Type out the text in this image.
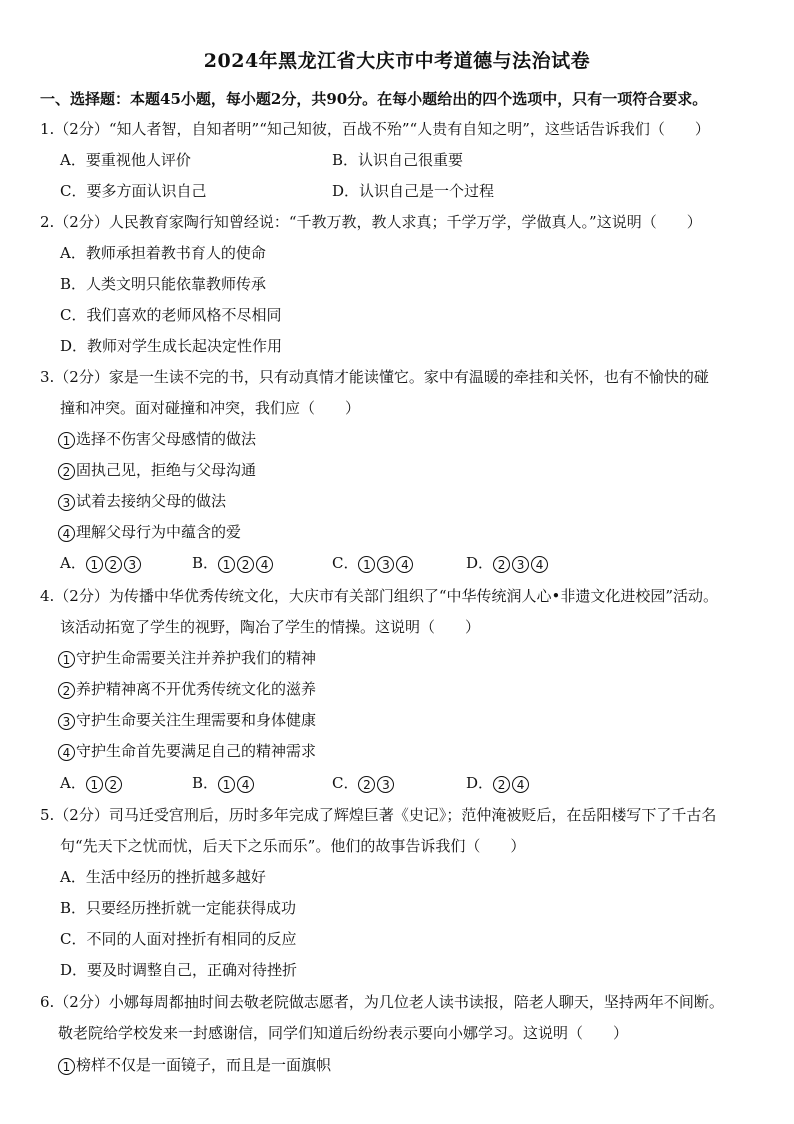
2024年黑龙江省大庆市中考道德与法治试卷
一、选择题：本题45小题，每小题2分，共90分。在每小题给出的四个选项中，只有一项符合要求。
1.（2分）“知人者智，自知者明”“知己知彼，百战不殆”“人贵有自知之明”，这些话告诉我们（　　）
A．要重视他人评价	B．认识自己很重要
C．要多方面认识自己	D．认识自己是一个过程
2.（2分）人民教育家陶行知曾经说：“千教万教，教人求真；千学万学，学做真人。”这说明（　　）
A．教师承担着教书育人的使命
B．人类文明只能依靠教师传承
C．我们喜欢的老师风格不尽相同
D．教师对学生成长起决定性作用
3.（2分）家是一生读不完的书，只有动真情才能读懂它。家中有温暖的牵挂和关怀，也有不愉快的碰
撞和冲突。面对碰撞和冲突，我们应（　　）
1 选择不伤害父母感情的做法
2 固执己见，拒绝与父母沟通
3 试着去接纳父母的做法
4 理解父母行为中蕴含的爱
A． 1 2 3	B． 1 2 4	C． 1 3 4	D． 2 3 4
4.（2分）为传播中华优秀传统文化，大庆市有关部门组织了“中华传统润人心•非遗文化进校园”活动。
该活动拓宽了学生的视野，陶冶了学生的情操。这说明（　　）
1 守护生命需要关注并养护我们的精神
2 养护精神离不开优秀传统文化的滋养
3 守护生命要关注生理需要和身体健康
4 守护生命首先要满足自己的精神需求
A． 1 2	B． 1 4	C． 2 3	D． 2 4
5.（2分）司马迁受宫刑后，历时多年完成了辉煌巨著《史记》；范仲淹被贬后，在岳阳楼写下了千古名
句“先天下之忧而忧，后天下之乐而乐”。他们的故事告诉我们（　　）
A．生活中经历的挫折越多越好
B．只要经历挫折就一定能获得成功
C．不同的人面对挫折有相同的反应
D．要及时调整自己，正确对待挫折
6.（2分）小娜每周都抽时间去敬老院做志愿者，为几位老人读书读报，陪老人聊天，坚持两年不间断。
敬老院给学校发来一封感谢信，同学们知道后纷纷表示要向小娜学习。这说明（　　）
1 榜样不仅是一面镜子，而且是一面旗帜
